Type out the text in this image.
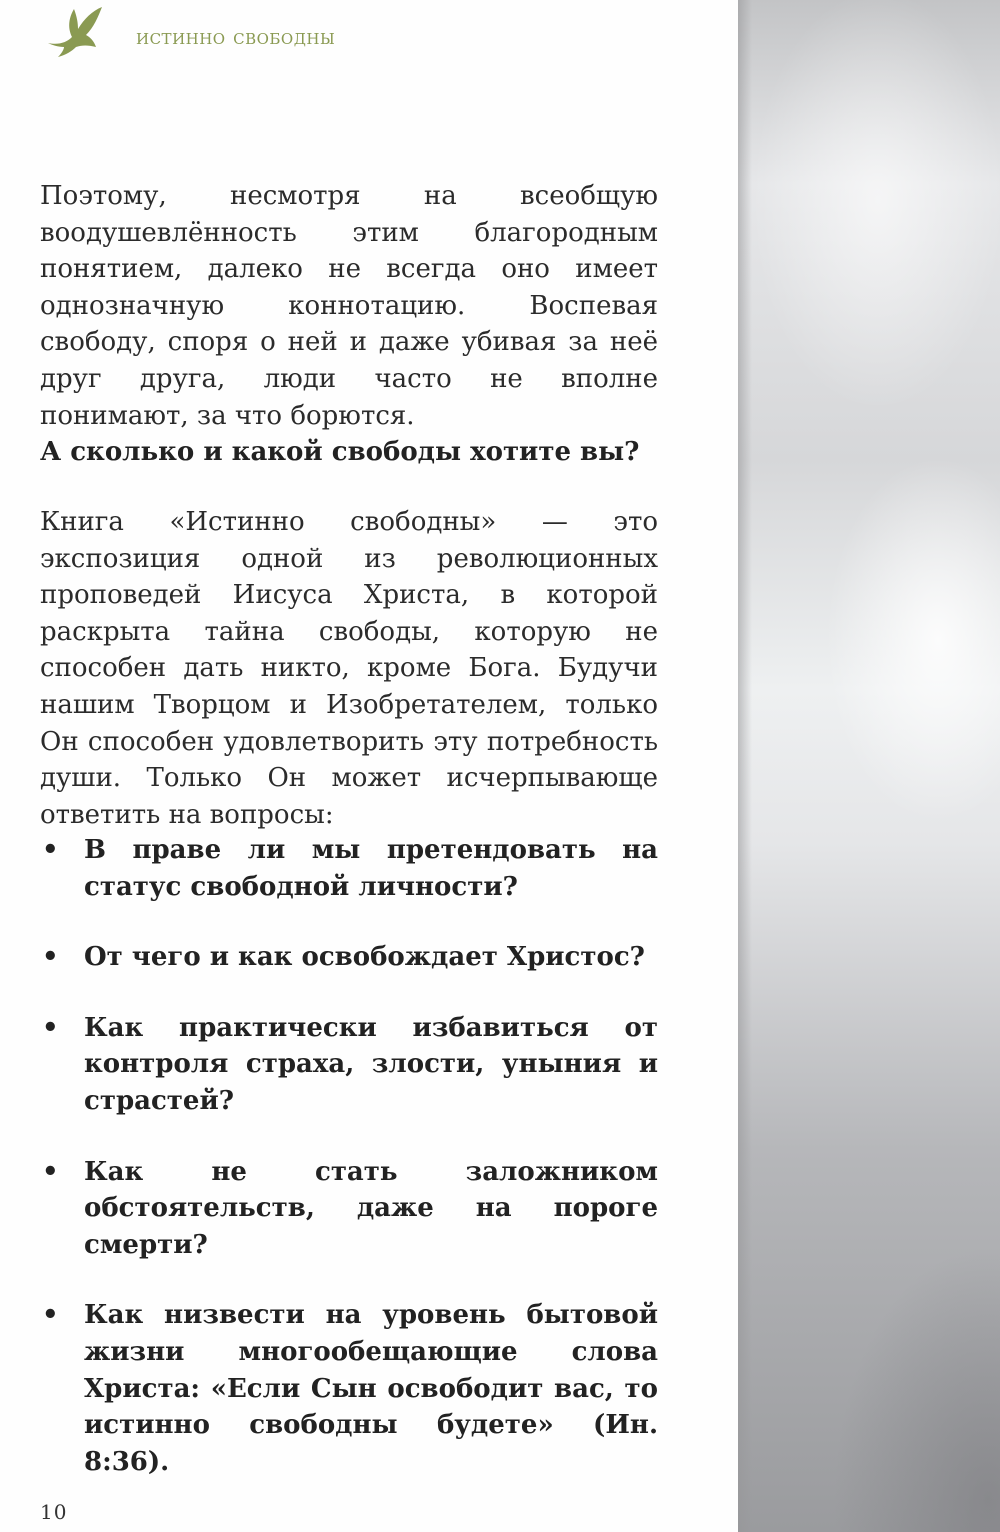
истинно свободны

Поэтому, несмотря на всеобщую воодушевлённость этим благородным понятием, далеко не всегда оно имеет однозначную коннотацию. Воспевая свободу, споря о ней и даже убивая за неё друг друга, люди часто не вполне понимают, за что борются.

А сколько и какой свободы хотите вы?

Книга «Истинно свободны» — это экспозиция одной из революционных проповедей Иисуса Христа, в которой раскрыта тайна свободы, которую не способен дать никто, кроме Бога. Будучи нашим Творцом и Изобретателем, только Он способен удовлетворить эту потребность души. Только Он может исчерпывающе ответить на вопросы:

• В праве ли мы претендовать на статус свободной личности?
• От чего и как освобождает Христос?
• Как практически избавиться от контроля страха, злости, уныния и страстей?
• Как не стать заложником обстоятельств, даже на пороге смерти?
• Как низвести на уровень бытовой жизни многообещающие слова Христа: «Если Сын освободит вас, то истинно свободны будете» (Ин. 8:36).
10
